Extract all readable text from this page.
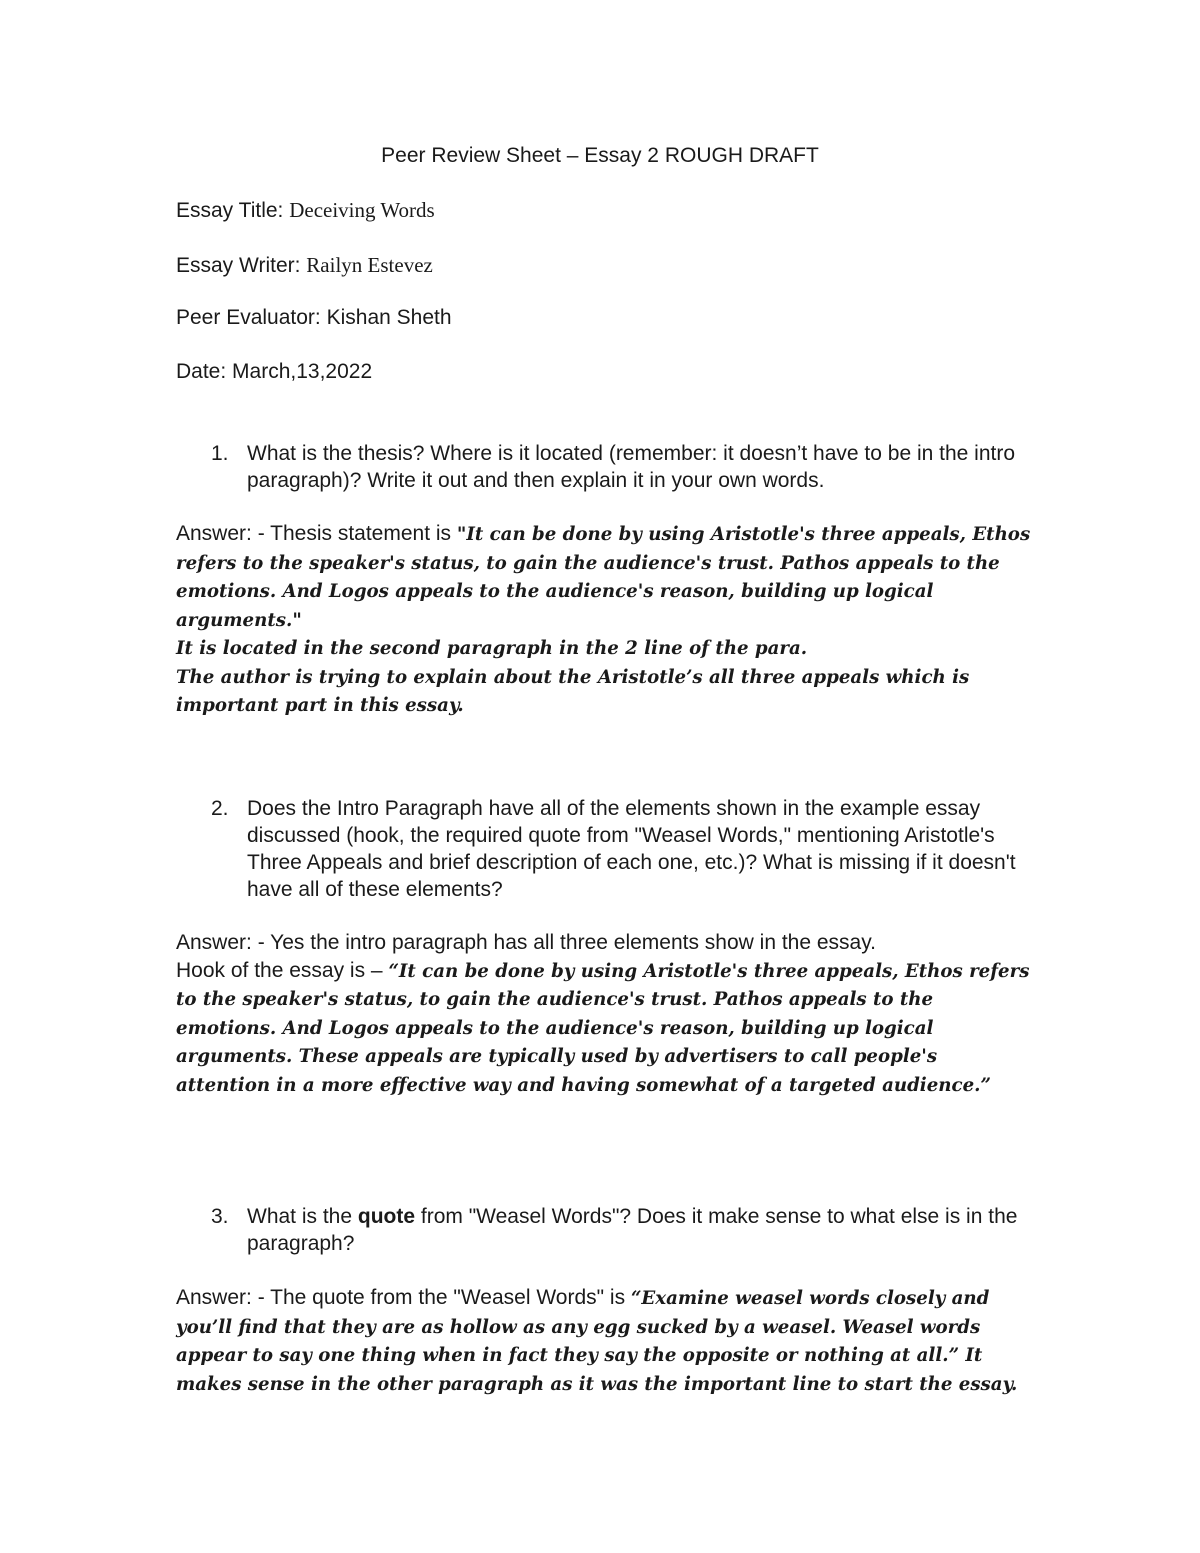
Peer Review Sheet – Essay 2 ROUGH DRAFT
Essay Title: Deceiving Words
Essay Writer: Railyn Estevez
Peer Evaluator: Kishan Sheth
Date: March,13,2022
1. What is the thesis? Where is it located (remember: it doesn’t have to be in the intro paragraph)? Write it out and then explain it in your own words.
Answer: - Thesis statement is "It can be done by using Aristotle's three appeals, Ethos refers to the speaker's status, to gain the audience's trust. Pathos appeals to the emotions. And Logos appeals to the audience's reason, building up logical arguments."
It is located in the second paragraph in the 2 line of the para.
The author is trying to explain about the Aristotle’s all three appeals which is important part in this essay.
2. Does the Intro Paragraph have all of the elements shown in the example essay discussed (hook, the required quote from "Weasel Words," mentioning Aristotle's Three Appeals and brief description of each one, etc.)? What is missing if it doesn't have all of these elements?
Answer: - Yes the intro paragraph has all three elements show in the essay.
Hook of the essay is – “It can be done by using Aristotle's three appeals, Ethos refers to the speaker's status, to gain the audience's trust. Pathos appeals to the emotions. And Logos appeals to the audience's reason, building up logical arguments. These appeals are typically used by advertisers to call people's attention in a more effective way and having somewhat of a targeted audience.”
3. What is the quote from "Weasel Words"? Does it make sense to what else is in the paragraph?
Answer: - The quote from the "Weasel Words" is “Examine weasel words closely and you’ll find that they are as hollow as any egg sucked by a weasel. Weasel words appear to say one thing when in fact they say the opposite or nothing at all.” It makes sense in the other paragraph as it was the important line to start the essay.
